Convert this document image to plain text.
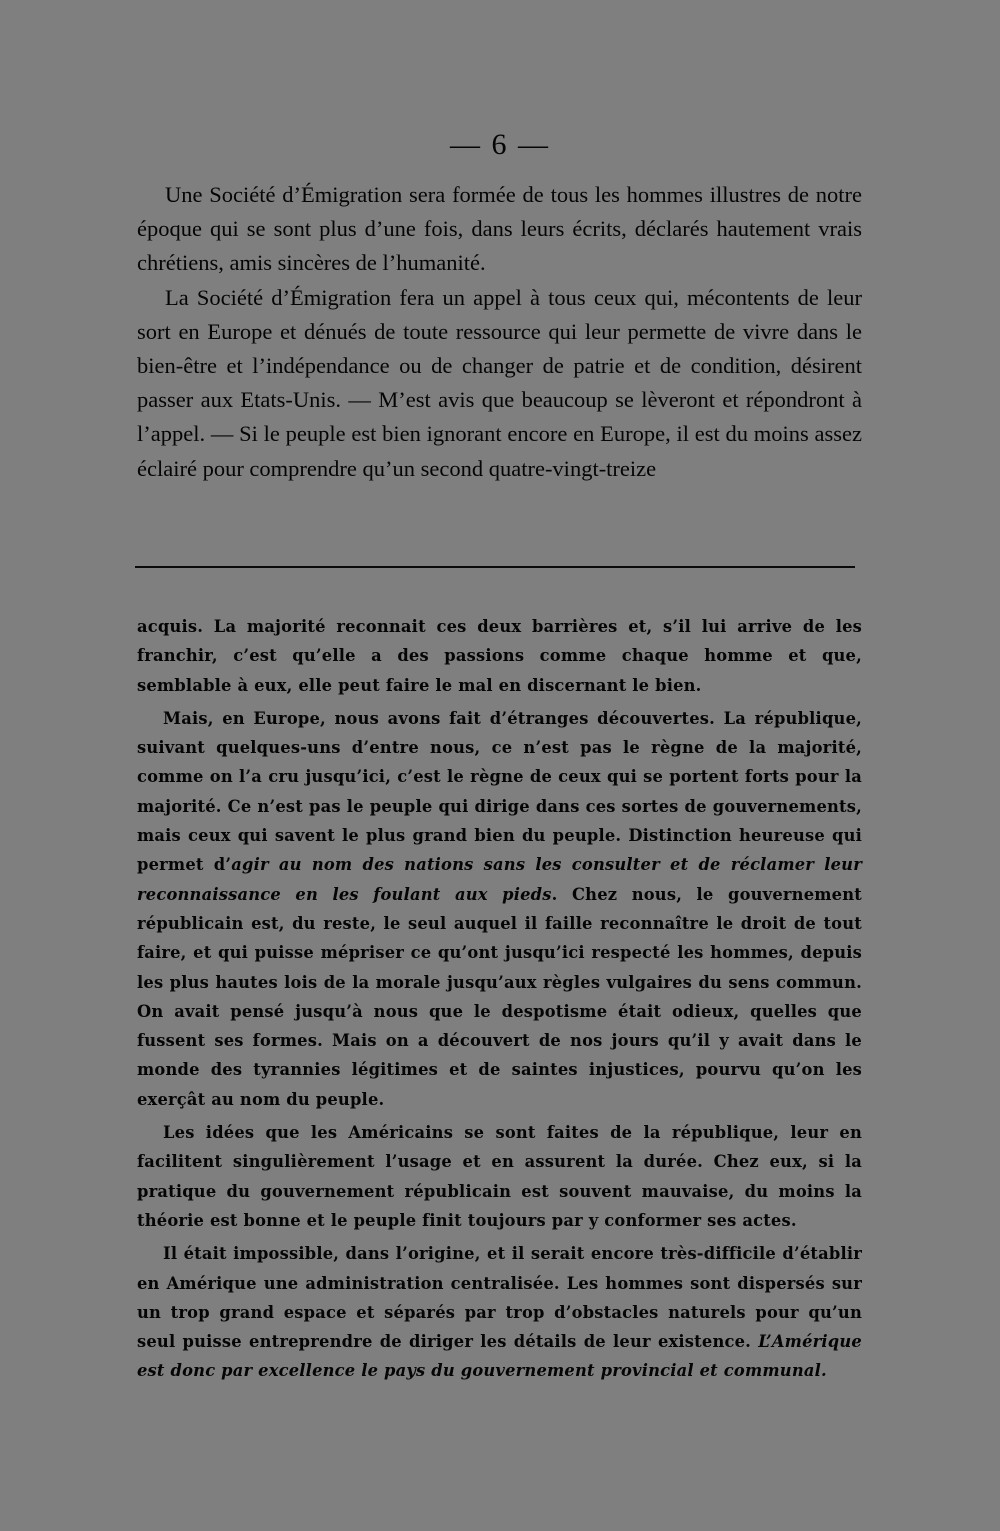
— 6 —

Une Société d’Émigration sera formée de tous les hommes illustres de notre époque qui se sont plus d’une fois, dans leurs écrits, déclarés hautement vrais chrétiens, amis sincères de l’humanité.

La Société d’Émigration fera un appel à tous ceux qui, mécontents de leur sort en Europe et dénués de toute ressource qui leur permette de vivre dans le bien-être et l’indépendance ou de changer de patrie et de condition, désirent passer aux Etats-Unis. — M’est avis que beaucoup se lèveront et répondront à l’appel. — Si le peuple est bien ignorant encore en Europe, il est du moins assez éclairé pour comprendre qu’un second quatre-vingt-treize

acquis. La majorité reconnait ces deux barrières et, s’il lui arrive de les franchir, c’est qu’elle a des passions comme chaque homme et que, semblable à eux, elle peut faire le mal en discernant le bien.

Mais, en Europe, nous avons fait d’étranges découvertes. La république, suivant quelques-uns d’entre nous, ce n’est pas le règne de la majorité, comme on l’a cru jusqu’ici, c’est le règne de ceux qui se portent forts pour la majorité. Ce n’est pas le peuple qui dirige dans ces sortes de gouvernements, mais ceux qui savent le plus grand bien du peuple. Distinction heureuse qui permet d’agir au nom des nations sans les consulter et de réclamer leur reconnaissance en les foulant aux pieds. Chez nous, le gouvernement républicain est, du reste, le seul auquel il faille reconnaître le droit de tout faire, et qui puisse mépriser ce qu’ont jusqu’ici respecté les hommes, depuis les plus hautes lois de la morale jusqu’aux règles vulgaires du sens commun. On avait pensé jusqu’à nous que le despotisme était odieux, quelles que fussent ses formes. Mais on a découvert de nos jours qu’il y avait dans le monde des tyrannies légitimes et de saintes injustices, pourvu qu’on les exerçât au nom du peuple.

Les idées que les Américains se sont faites de la république, leur en facilitent singulièrement l’usage et en assurent la durée. Chez eux, si la pratique du gouvernement républicain est souvent mauvaise, du moins la théorie est bonne et le peuple finit toujours par y conformer ses actes.

Il était impossible, dans l’origine, et il serait encore très-difficile d’établir en Amérique une administration centralisée. Les hommes sont dispersés sur un trop grand espace et séparés par trop d’obstacles naturels pour qu’un seul puisse entreprendre de diriger les détails de leur existence. L’Amérique est donc par excellence le pays du gouvernement provincial et communal.
